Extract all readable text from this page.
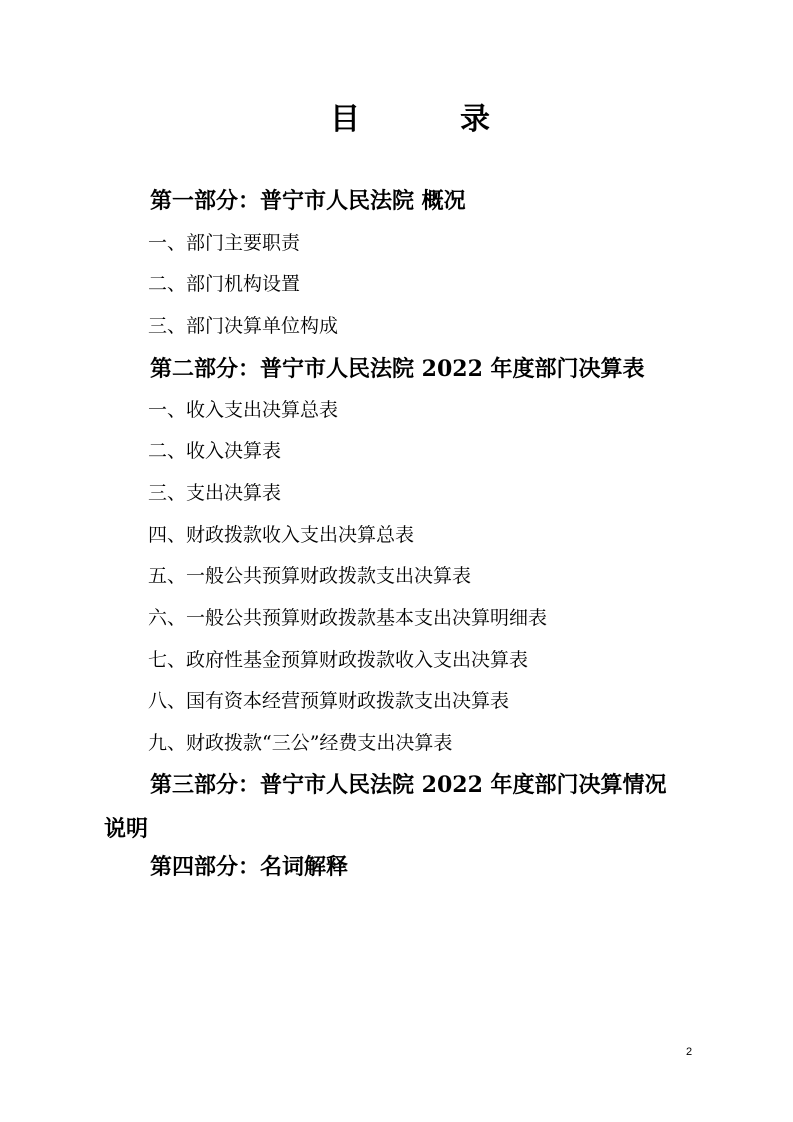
目	录
第一部分：普宁市人民法院 概况
一、部门主要职责
二、部门机构设置
三、部门决算单位构成
第二部分：普宁市人民法院 2022 年度部门决算表
一、收入支出决算总表
二、收入决算表
三、支出决算表
四、财政拨款收入支出决算总表
五、一般公共预算财政拨款支出决算表
六、一般公共预算财政拨款基本支出决算明细表
七、政府性基金预算财政拨款收入支出决算表
八、国有资本经营预算财政拨款支出决算表
九、财政拨款“三公”经费支出决算表
第三部分：普宁市人民法院 2022 年度部门决算情况
说明
第四部分：名词解释
2
